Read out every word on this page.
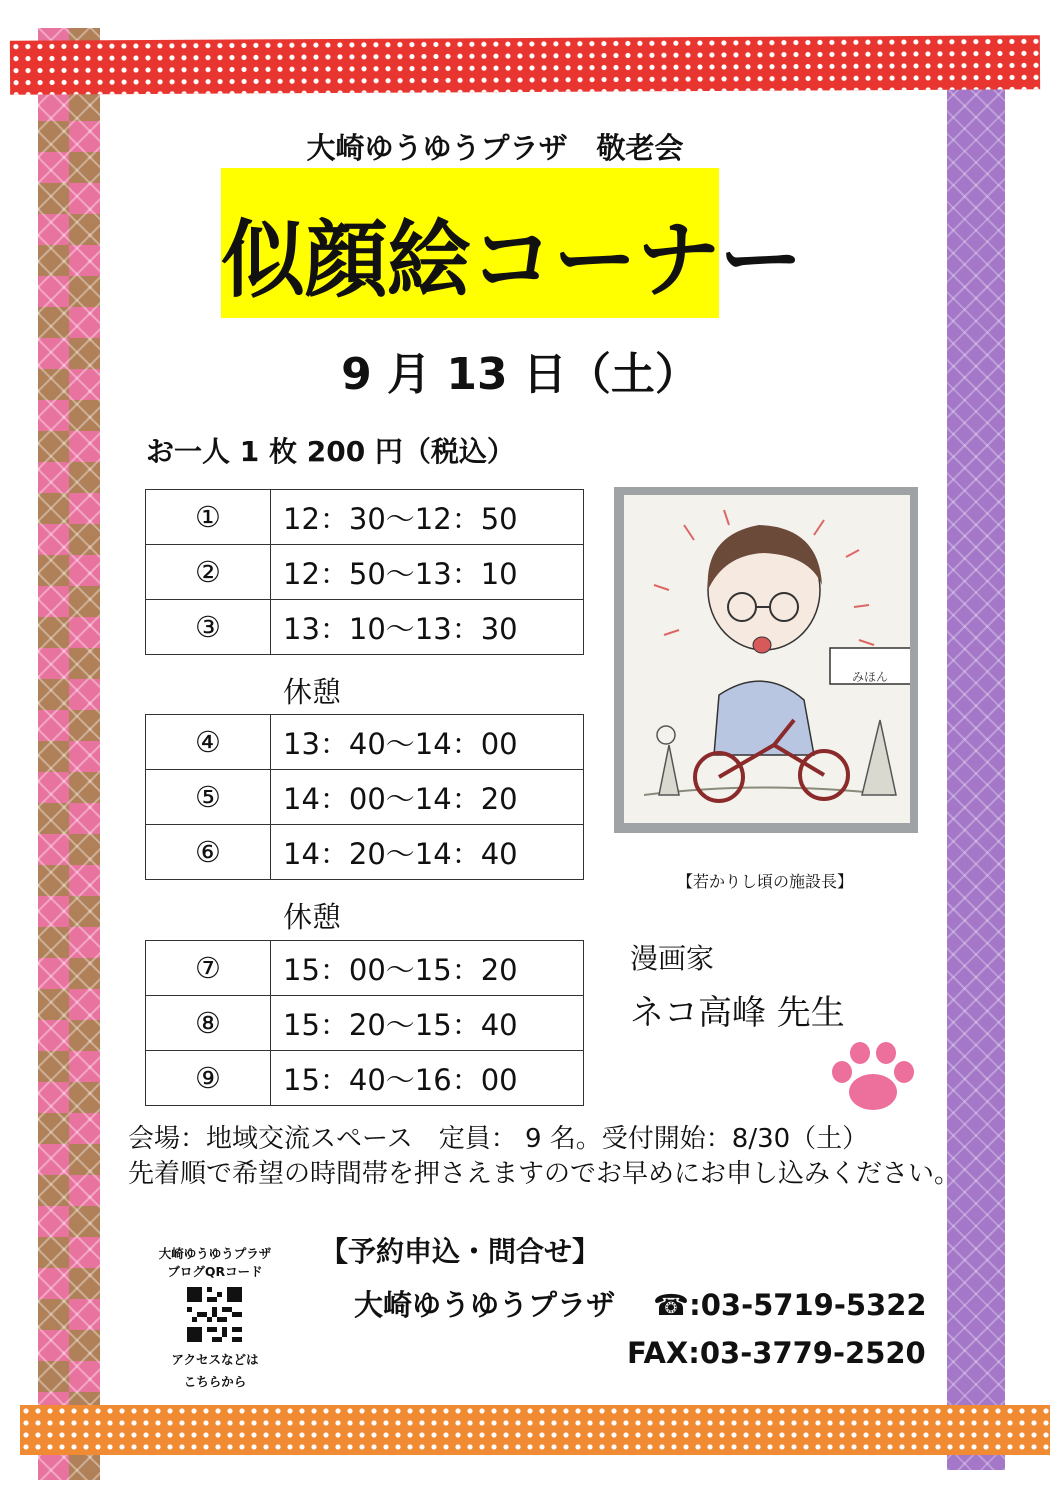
大崎ゆうゆうプラザ　敬老会
似顔絵コーナー
9 月 13 日（土）
お一人 1 枚 200 円（税込）
①	12：30～12：50
②	12：50～13：10
③	13：10～13：30
休憩
④	13：40～14：00
⑤	14：00～14：20
⑥	14：20～14：40
休憩
⑦	15：00～15：20
⑧	15：20～15：40
⑨	15：40～16：00
みほん
【若かりし頃の施設長】
漫画家
ネコ高峰 先生
会場：地域交流スペース　定員： 9 名。受付開始：8/30（土）
先着順で希望の時間帯を押さえますのでお早めにお申し込みください。
大崎ゆうゆうプラザ
ブログQRコード
アクセスなどは
こちらから
【予約申込・問合せ】
大崎ゆうゆうプラザ ☎:03-5719-5322
FAX:03-3779-2520
